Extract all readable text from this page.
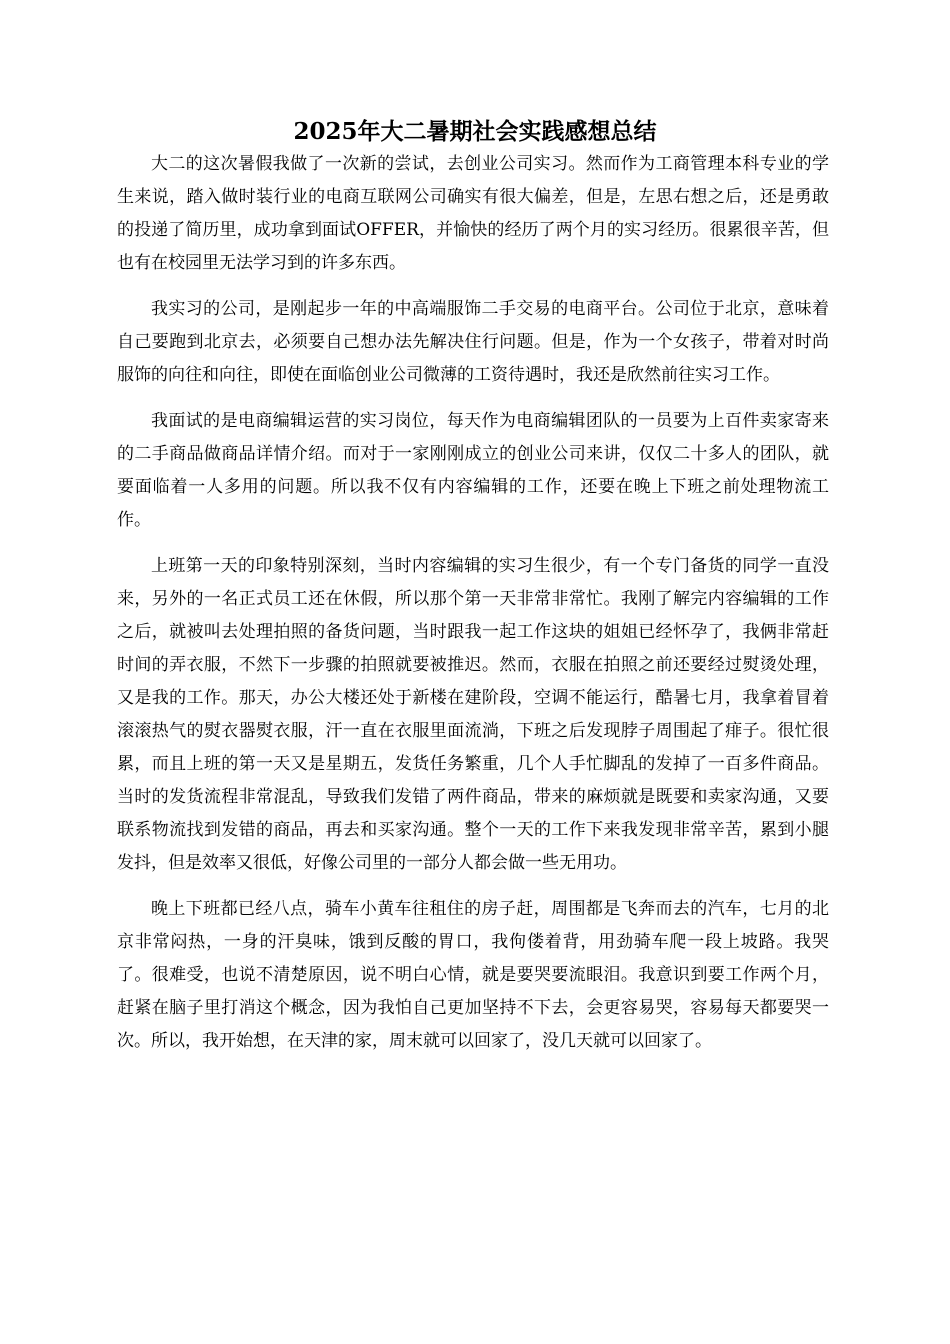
2025年大二暑期社会实践感想总结

大二的这次暑假我做了一次新的尝试，去创业公司实习。然而作为工商管理本科专业的学生来说，踏入做时装行业的电商互联网公司确实有很大偏差，但是，左思右想之后，还是勇敢的投递了简历里，成功拿到面试OFFER，并愉快的经历了两个月的实习经历。很累很辛苦，但也有在校园里无法学习到的许多东西。

我实习的公司，是刚起步一年的中高端服饰二手交易的电商平台。公司位于北京，意味着自己要跑到北京去，必须要自己想办法先解决住行问题。但是，作为一个女孩子，带着对时尚服饰的向往和向往，即使在面临创业公司微薄的工资待遇时，我还是欣然前往实习工作。

我面试的是电商编辑运营的实习岗位，每天作为电商编辑团队的一员要为上百件卖家寄来的二手商品做商品详情介绍。而对于一家刚刚成立的创业公司来讲，仅仅二十多人的团队，就要面临着一人多用的问题。所以我不仅有内容编辑的工作，还要在晚上下班之前处理物流工作。

上班第一天的印象特别深刻，当时内容编辑的实习生很少，有一个专门备货的同学一直没来，另外的一名正式员工还在休假，所以那个第一天非常非常忙。我刚了解完内容编辑的工作之后，就被叫去处理拍照的备货问题，当时跟我一起工作这块的姐姐已经怀孕了，我俩非常赶时间的弄衣服，不然下一步骤的拍照就要被推迟。然而，衣服在拍照之前还要经过熨烫处理，又是我的工作。那天，办公大楼还处于新楼在建阶段，空调不能运行，酷暑七月，我拿着冒着滚滚热气的熨衣器熨衣服，汗一直在衣服里面流淌，下班之后发现脖子周围起了痱子。很忙很累，而且上班的第一天又是星期五，发货任务繁重，几个人手忙脚乱的发掉了一百多件商品。当时的发货流程非常混乱，导致我们发错了两件商品，带来的麻烦就是既要和卖家沟通，又要联系物流找到发错的商品，再去和买家沟通。整个一天的工作下来我发现非常辛苦，累到小腿发抖，但是效率又很低，好像公司里的一部分人都会做一些无用功。

晚上下班都已经八点，骑车小黄车往租住的房子赶，周围都是飞奔而去的汽车，七月的北京非常闷热，一身的汗臭味，饿到反酸的胃口，我佝偻着背，用劲骑车爬一段上坡路。我哭了。很难受，也说不清楚原因，说不明白心情，就是要哭要流眼泪。我意识到要工作两个月，赶紧在脑子里打消这个概念，因为我怕自己更加坚持不下去，会更容易哭，容易每天都要哭一次。所以，我开始想，在天津的家，周末就可以回家了，没几天就可以回家了。
